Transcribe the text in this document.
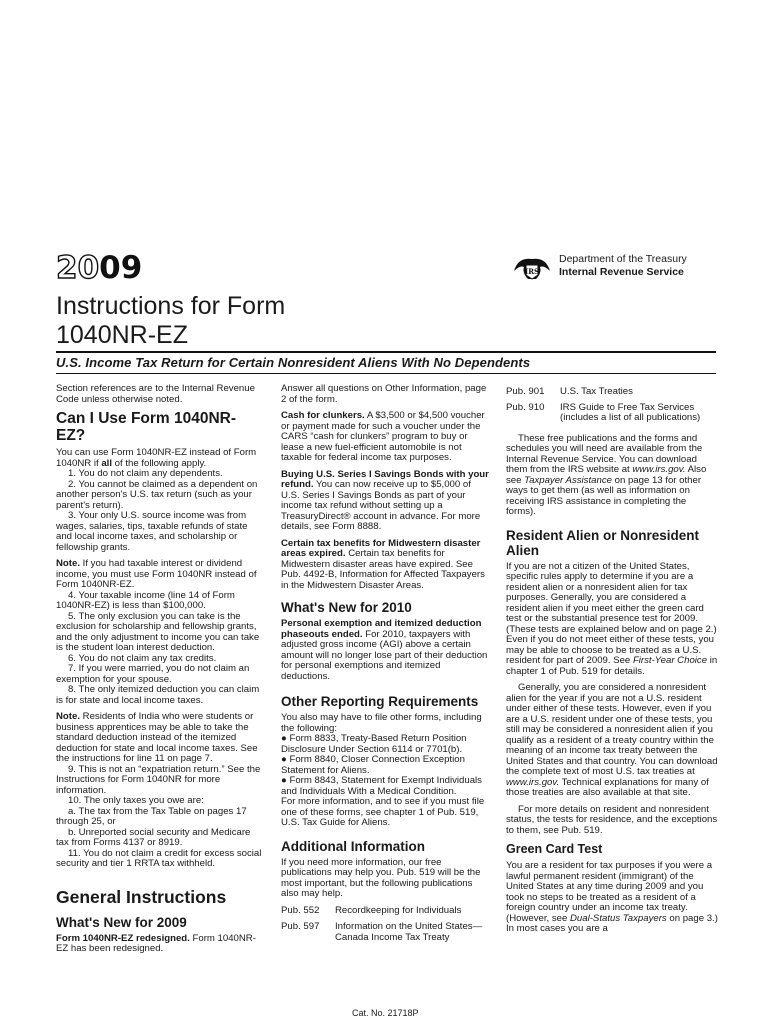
2009	IRS
Department of the Treasury
Internal Revenue Service
Instructions for Form
1040NR-EZ
U.S. Income Tax Return for Certain Nonresident Aliens With No Dependents

Section references are to the Internal Revenue Code unless otherwise noted.

Can I Use Form 1040NR-EZ?

You can use Form 1040NR-EZ instead of Form 1040NR if all of the following apply.

1. You do not claim any dependents.

2. You cannot be claimed as a dependent on another person's U.S. tax return (such as your parent's return).

3. Your only U.S. source income was from wages, salaries, tips, taxable refunds of state and local income taxes, and scholarship or fellowship grants.

Note. If you had taxable interest or dividend income, you must use Form 1040NR instead of Form 1040NR-EZ.

4. Your taxable income (line 14 of Form 1040NR-EZ) is less than $100,000.

5. The only exclusion you can take is the exclusion for scholarship and fellowship grants, and the only adjustment to income you can take is the student loan interest deduction.

6. You do not claim any tax credits.

7. If you were married, you do not claim an exemption for your spouse.

8. The only itemized deduction you can claim is for state and local income taxes.

Note. Residents of India who were students or business apprentices may be able to take the standard deduction instead of the itemized deduction for state and local income taxes. See the instructions for line 11 on page 7.

9. This is not an “expatriation return.” See the Instructions for Form 1040NR for more information.

10. The only taxes you owe are:

a. The tax from the Tax Table on pages 17 through 25, or

b. Unreported social security and Medicare tax from Forms 4137 or 8919.

11. You do not claim a credit for excess social security and tier 1 RRTA tax withheld.

General Instructions
What's New for 2009

Form 1040NR-EZ redesigned. Form 1040NR-EZ has been redesigned.

Answer all questions on Other Information, page 2 of the form.

Cash for clunkers. A $3,500 or $4,500 voucher or payment made for such a voucher under the CARS “cash for clunkers” program to buy or lease a new fuel-efficient automobile is not taxable for federal income tax purposes.

Buying U.S. Series I Savings Bonds with your refund. You can now receive up to $5,000 of U.S. Series I Savings Bonds as part of your income tax refund without setting up a TreasuryDirect® account in advance. For more details, see Form 8888.

Certain tax benefits for Midwestern disaster areas expired. Certain tax benefits for Midwestern disaster areas have expired. See Pub. 4492-B, Information for Affected Taxpayers in the Midwestern Disaster Areas.

What's New for 2010

Personal exemption and itemized deduction phaseouts ended. For 2010, taxpayers with adjusted gross income (AGI) above a certain amount will no longer lose part of their deduction for personal exemptions and itemized deductions.

Other Reporting Requirements

You also may have to file other forms, including the following:

● Form 8833, Treaty-Based Return Position Disclosure Under Section 6114 or 7701(b).

● Form 8840, Closer Connection Exception Statement for Aliens.

● Form 8843, Statement for Exempt Individuals and Individuals With a Medical Condition.

For more information, and to see if you must file one of these forms, see chapter 1 of Pub. 519, U.S. Tax Guide for Aliens.

Additional Information

If you need more information, our free publications may help you. Pub. 519 will be the most important, but the following publications also may help.

Pub. 552	Recordkeeping for Individuals
Pub. 597	Information on the United States—Canada Income Tax Treaty
Pub. 901	U.S. Tax Treaties
Pub. 910	IRS Guide to Free Tax Services (includes a list of all publications)

These free publications and the forms and schedules you will need are available from the Internal Revenue Service. You can download them from the IRS website at www.irs.gov. Also see Taxpayer Assistance on page 13 for other ways to get them (as well as information on receiving IRS assistance in completing the forms).

Resident Alien or Nonresident Alien

If you are not a citizen of the United States, specific rules apply to determine if you are a resident alien or a nonresident alien for tax purposes. Generally, you are considered a resident alien if you meet either the green card test or the substantial presence test for 2009. (These tests are explained below and on page 2.) Even if you do not meet either of these tests, you may be able to choose to be treated as a U.S. resident for part of 2009. See First-Year Choice in chapter 1 of Pub. 519 for details.

Generally, you are considered a nonresident alien for the year if you are not a U.S. resident under either of these tests. However, even if you are a U.S. resident under one of these tests, you still may be considered a nonresident alien if you qualify as a resident of a treaty country within the meaning of an income tax treaty between the United States and that country. You can download the complete text of most U.S. tax treaties at www.irs.gov. Technical explanations for many of those treaties are also available at that site.

For more details on resident and nonresident status, the tests for residence, and the exceptions to them, see Pub. 519.

Green Card Test

You are a resident for tax purposes if you were a lawful permanent resident (immigrant) of the United States at any time during 2009 and you took no steps to be treated as a resident of a foreign country under an income tax treaty. (However, see Dual-Status Taxpayers on page 3.) In most cases you are a

Cat. No. 21718P
